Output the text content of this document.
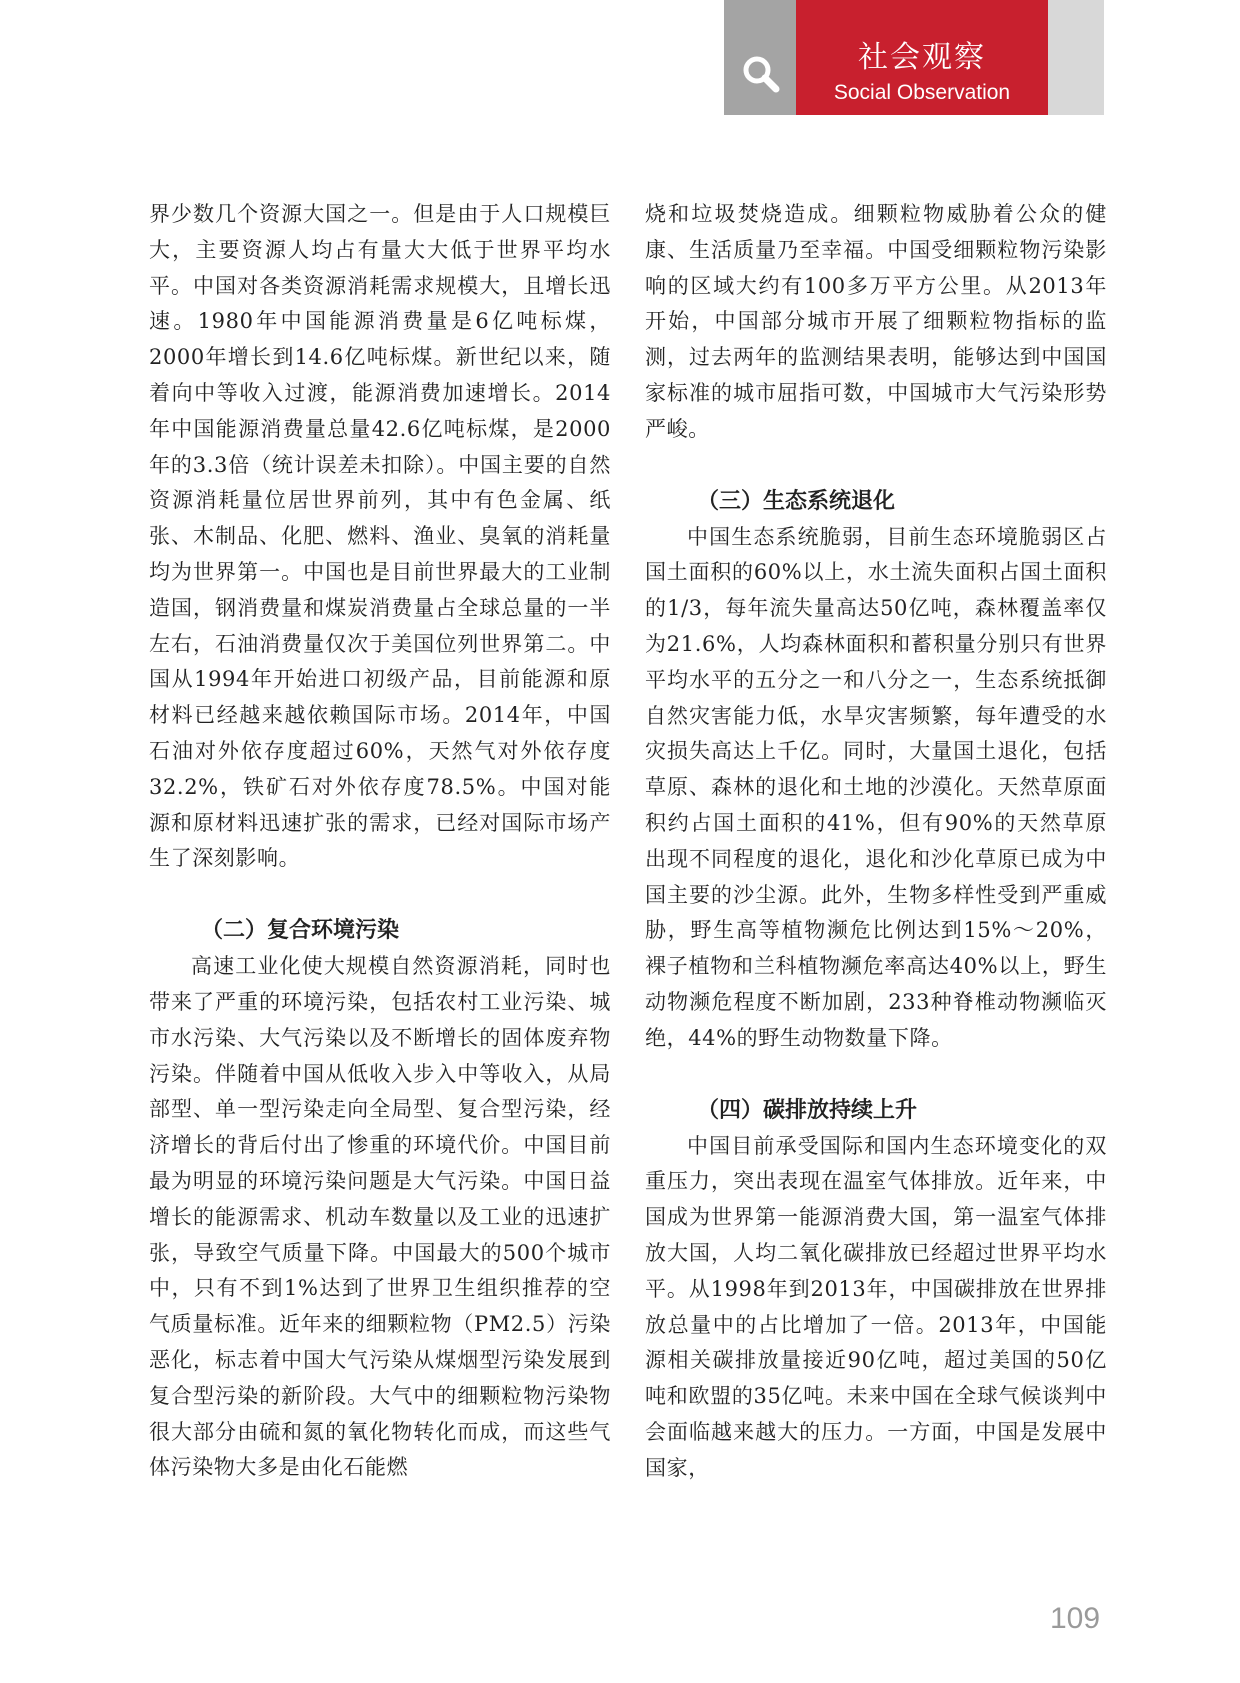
社会观察
Social Observation

界少数几个资源大国之一。但是由于人口规模巨大，主要资源人均占有量大大低于世界平均水平。中国对各类资源消耗需求规模大，且增长迅速。1980年中国能源消费量是6亿吨标煤，2000年增长到14.6亿吨标煤。新世纪以来，随着向中等收入过渡，能源消费加速增长。2014年中国能源消费量总量42.6亿吨标煤，是2000年的3.3倍（统计误差未扣除）。中国主要的自然资源消耗量位居世界前列，其中有色金属、纸张、木制品、化肥、燃料、渔业、臭氧的消耗量均为世界第一。中国也是目前世界最大的工业制造国，钢消费量和煤炭消费量占全球总量的一半左右，石油消费量仅次于美国位列世界第二。中国从1994年开始进口初级产品，目前能源和原材料已经越来越依赖国际市场。2014年，中国石油对外依存度超过60%，天然气对外依存度32.2%，铁矿石对外依存度78.5%。中国对能源和原材料迅速扩张的需求，已经对国际市场产生了深刻影响。

（二）复合环境污染

高速工业化使大规模自然资源消耗，同时也带来了严重的环境污染，包括农村工业污染、城市水污染、大气污染以及不断增长的固体废弃物污染。伴随着中国从低收入步入中等收入，从局部型、单一型污染走向全局型、复合型污染，经济增长的背后付出了惨重的环境代价。中国目前最为明显的环境污染问题是大气污染。中国日益增长的能源需求、机动车数量以及工业的迅速扩张，导致空气质量下降。中国最大的500个城市中，只有不到1%达到了世界卫生组织推荐的空气质量标准。近年来的细颗粒物（PM2.5）污染恶化，标志着中国大气污染从煤烟型污染发展到复合型污染的新阶段。大气中的细颗粒物污染物很大部分由硫和氮的氧化物转化而成，而这些气体污染物大多是由化石能燃

烧和垃圾焚烧造成。细颗粒物威胁着公众的健康、生活质量乃至幸福。中国受细颗粒物污染影响的区域大约有100多万平方公里。从2013年开始，中国部分城市开展了细颗粒物指标的监测，过去两年的监测结果表明，能够达到中国国家标准的城市屈指可数，中国城市大气污染形势严峻。

（三）生态系统退化

中国生态系统脆弱，目前生态环境脆弱区占国土面积的60%以上，水土流失面积占国土面积的1/3，每年流失量高达50亿吨，森林覆盖率仅为21.6%，人均森林面积和蓄积量分别只有世界平均水平的五分之一和八分之一，生态系统抵御自然灾害能力低，水旱灾害频繁，每年遭受的水灾损失高达上千亿。同时，大量国土退化，包括草原、森林的退化和土地的沙漠化。天然草原面积约占国土面积的41%，但有90%的天然草原出现不同程度的退化，退化和沙化草原已成为中国主要的沙尘源。此外，生物多样性受到严重威胁，野生高等植物濒危比例达到15%～20%，裸子植物和兰科植物濒危率高达40%以上，野生动物濒危程度不断加剧，233种脊椎动物濒临灭绝，44%的野生动物数量下降。

（四）碳排放持续上升

中国目前承受国际和国内生态环境变化的双重压力，突出表现在温室气体排放。近年来，中国成为世界第一能源消费大国，第一温室气体排放大国，人均二氧化碳排放已经超过世界平均水平。从1998年到2013年，中国碳排放在世界排放总量中的占比增加了一倍。2013年，中国能源相关碳排放量接近90亿吨，超过美国的50亿吨和欧盟的35亿吨。未来中国在全球气候谈判中会面临越来越大的压力。一方面，中国是发展中国家，

109
